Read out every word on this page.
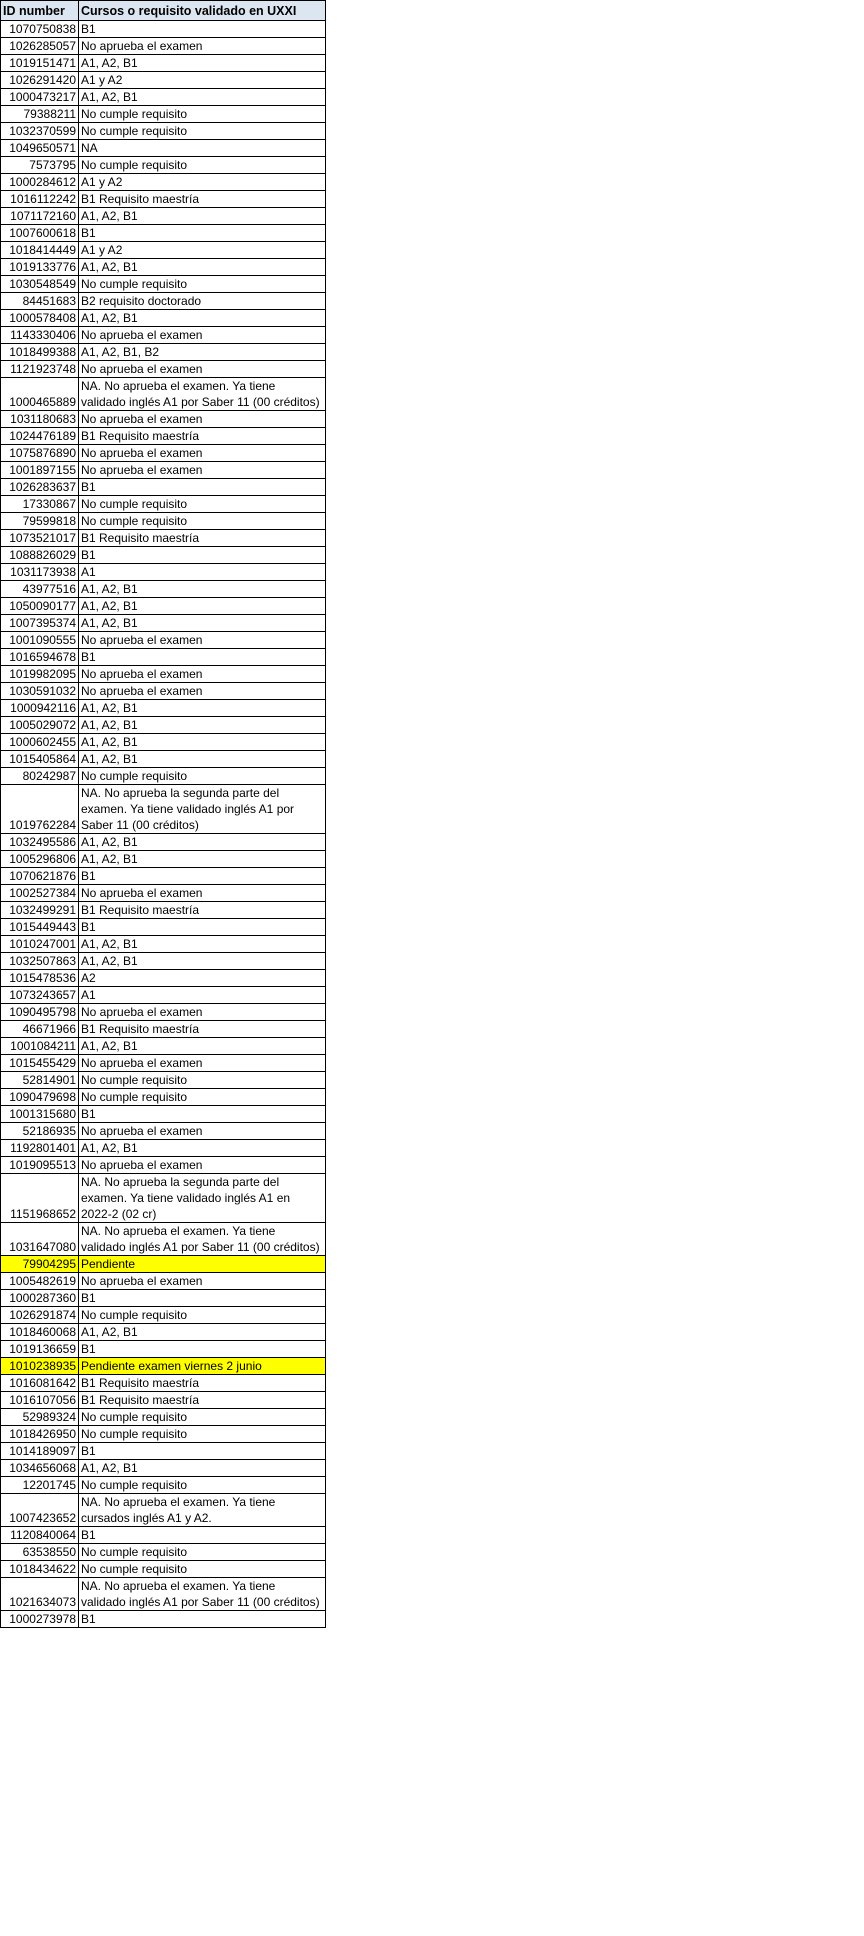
ID number	Cursos o requisito validado en UXXI
1070750838	B1
1026285057	No aprueba el examen
1019151471	A1, A2, B1
1026291420	A1 y A2
1000473217	A1, A2, B1
79388211	No cumple requisito
1032370599	No cumple requisito
1049650571	NA
7573795	No cumple requisito
1000284612	A1 y A2
1016112242	B1 Requisito maestría
1071172160	A1, A2, B1
1007600618	B1
1018414449	A1 y A2
1019133776	A1, A2, B1
1030548549	No cumple requisito
84451683	B2 requisito doctorado
1000578408	A1, A2, B1
1143330406	No aprueba el examen
1018499388	A1, A2, B1, B2
1121923748	No aprueba el examen
1000465889	NA. No aprueba el examen. Ya tiene validado inglés A1 por Saber 11 (00 créditos)
1031180683	No aprueba el examen
1024476189	B1 Requisito maestría
1075876890	No aprueba el examen
1001897155	No aprueba el examen
1026283637	B1
17330867	No cumple requisito
79599818	No cumple requisito
1073521017	B1 Requisito maestría
1088826029	B1
1031173938	A1
43977516	A1, A2, B1
1050090177	A1, A2, B1
1007395374	A1, A2, B1
1001090555	No aprueba el examen
1016594678	B1
1019982095	No aprueba el examen
1030591032	No aprueba el examen
1000942116	A1, A2, B1
1005029072	A1, A2, B1
1000602455	A1, A2, B1
1015405864	A1, A2, B1
80242987	No cumple requisito
1019762284	NA. No aprueba la segunda parte del examen. Ya tiene validado inglés A1 por Saber 11 (00 créditos)
1032495586	A1, A2, B1
1005296806	A1, A2, B1
1070621876	B1
1002527384	No aprueba el examen
1032499291	B1 Requisito maestría
1015449443	B1
1010247001	A1, A2, B1
1032507863	A1, A2, B1
1015478536	A2
1073243657	A1
1090495798	No aprueba el examen
46671966	B1 Requisito maestría
1001084211	A1, A2, B1
1015455429	No aprueba el examen
52814901	No cumple requisito
1090479698	No cumple requisito
1001315680	B1
52186935	No aprueba el examen
1192801401	A1, A2, B1
1019095513	No aprueba el examen
1151968652	NA. No aprueba la segunda parte del examen. Ya tiene validado inglés A1 en 2022-2 (02 cr)
1031647080	NA. No aprueba el examen. Ya tiene validado inglés A1 por Saber 11 (00 créditos)
79904295	Pendiente
1005482619	No aprueba el examen
1000287360	B1
1026291874	No cumple requisito
1018460068	A1, A2, B1
1019136659	B1
1010238935	Pendiente examen viernes 2 junio
1016081642	B1 Requisito maestría
1016107056	B1 Requisito maestría
52989324	No cumple requisito
1018426950	No cumple requisito
1014189097	B1
1034656068	A1, A2, B1
12201745	No cumple requisito
1007423652	NA. No aprueba el examen. Ya tiene cursados inglés A1 y A2.
1120840064	B1
63538550	No cumple requisito
1018434622	No cumple requisito
1021634073	NA. No aprueba el examen. Ya tiene validado inglés A1 por Saber 11 (00 créditos)
1000273978	B1
